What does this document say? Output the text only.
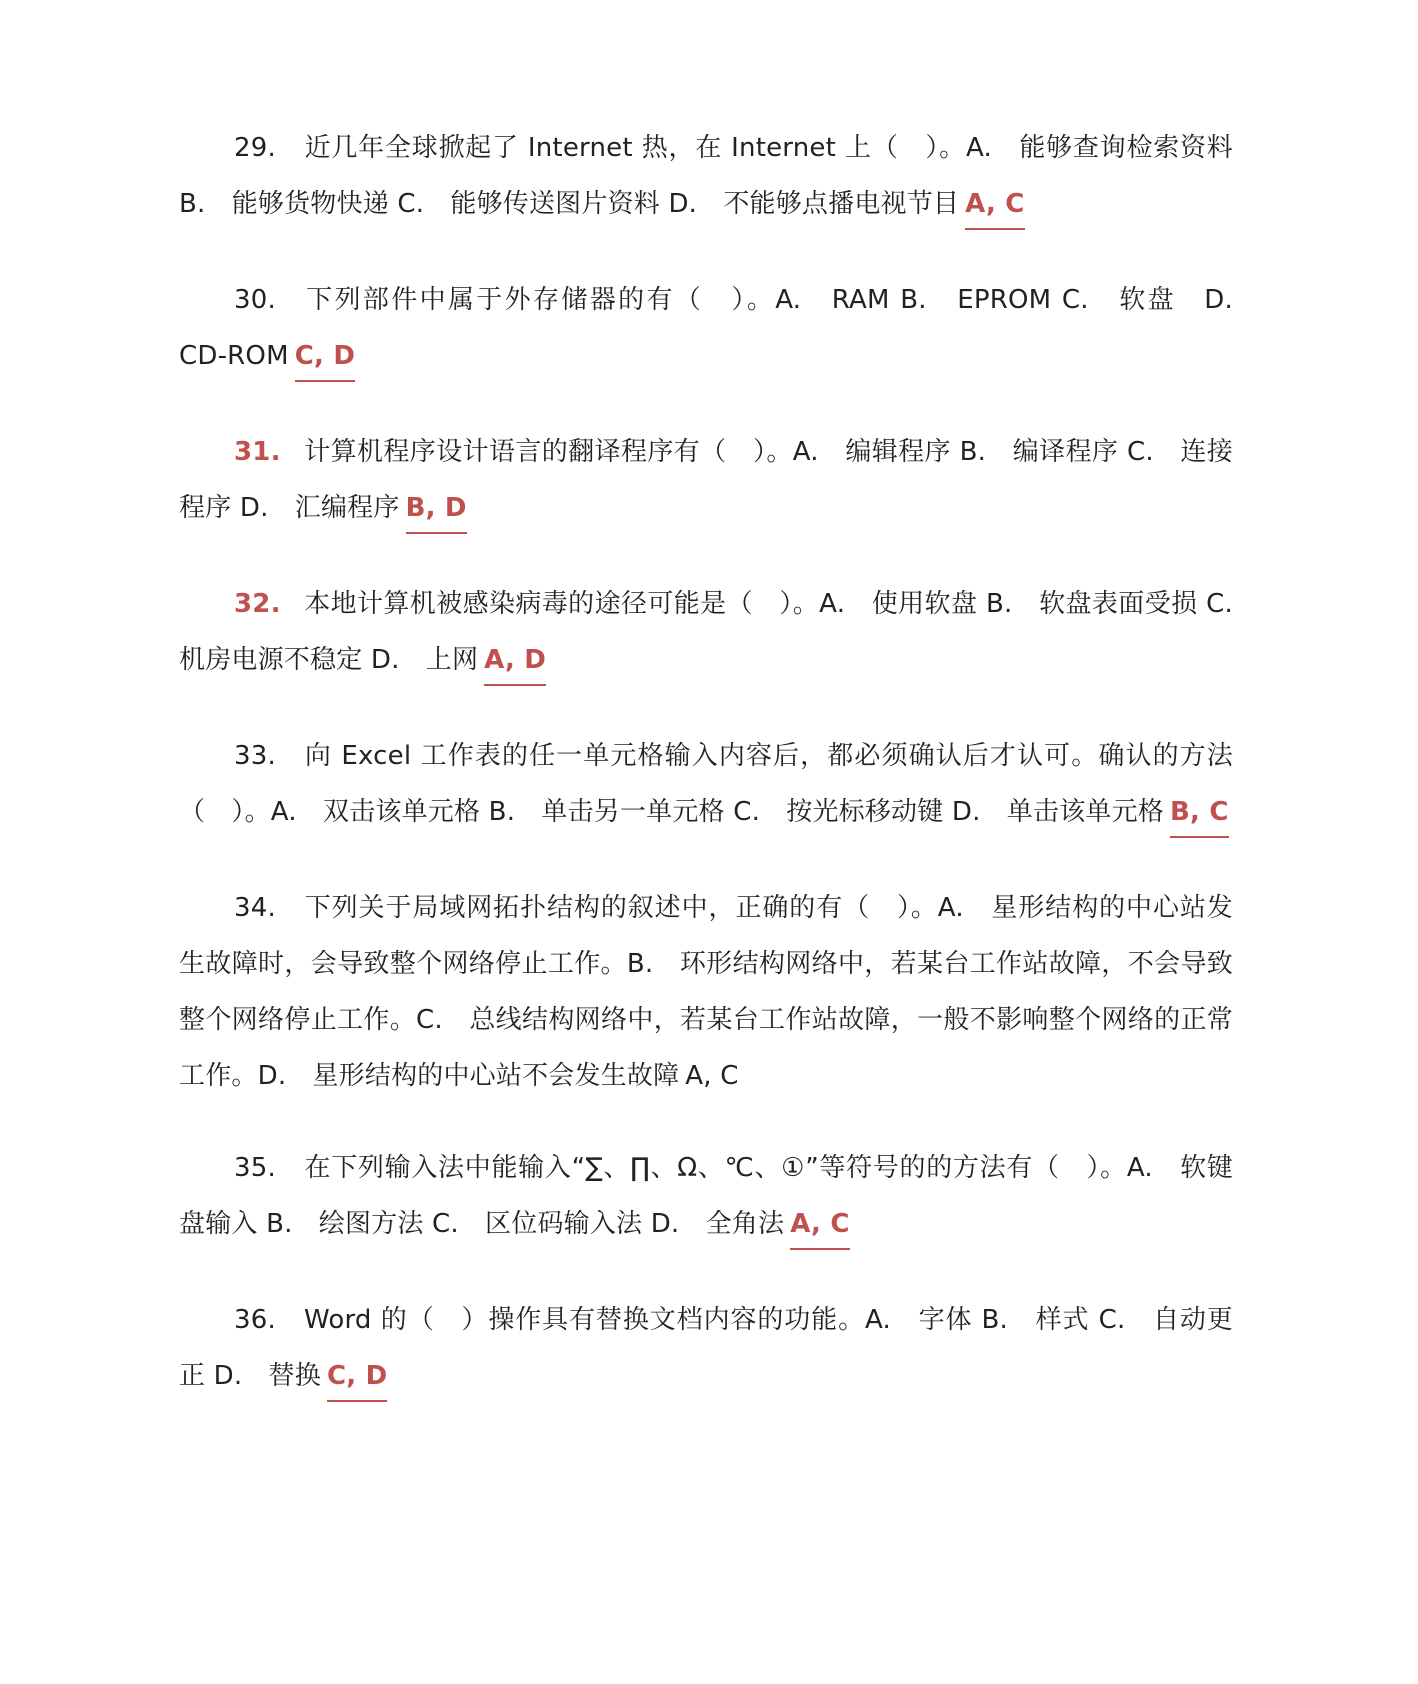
29. 近几年全球掀起了 Internet 热，在 Internet 上（　）。A.　能够查询检索资料 B.　能够货物快递 C.　能够传送图片资料 D.　不能够点播电视节目 A, C
30. 下列部件中属于外存储器的有（　）。A.　RAM B.　EPROM C.　软盘　D.　CD-ROM C, D
31. 计算机程序设计语言的翻译程序有（　）。A.　编辑程序 B.　编译程序 C.　连接程序 D.　汇编程序 B, D
32. 本地计算机被感染病毒的途径可能是（　）。A.　使用软盘 B.　软盘表面受损 C.　机房电源不稳定 D.　上网 A, D
33. 向 Excel 工作表的任一单元格输入内容后，都必须确认后才认可。确认的方法（　）。A.　双击该单元格 B.　单击另一单元格 C.　按光标移动键 D.　单击该单元格 B, C
34. 下列关于局域网拓扑结构的叙述中，正确的有（　）。A.　星形结构的中心站发生故障时，会导致整个网络停止工作。B.　环形结构网络中，若某台工作站故障，不会导致整个网络停止工作。C.　总线结构网络中，若某台工作站故障，一般不影响整个网络的正常工作。D.　星形结构的中心站不会发生故障 A, C
35. 在下列输入法中能输入“∑、∏、Ω、℃、①”等符号的的方法有（　）。A.　软键盘输入 B.　绘图方法 C.　区位码输入法 D.　全角法 A, C
36. Word 的（　）操作具有替换文档内容的功能。A.　字体 B.　样式 C.　自动更正 D.　替换 C, D
